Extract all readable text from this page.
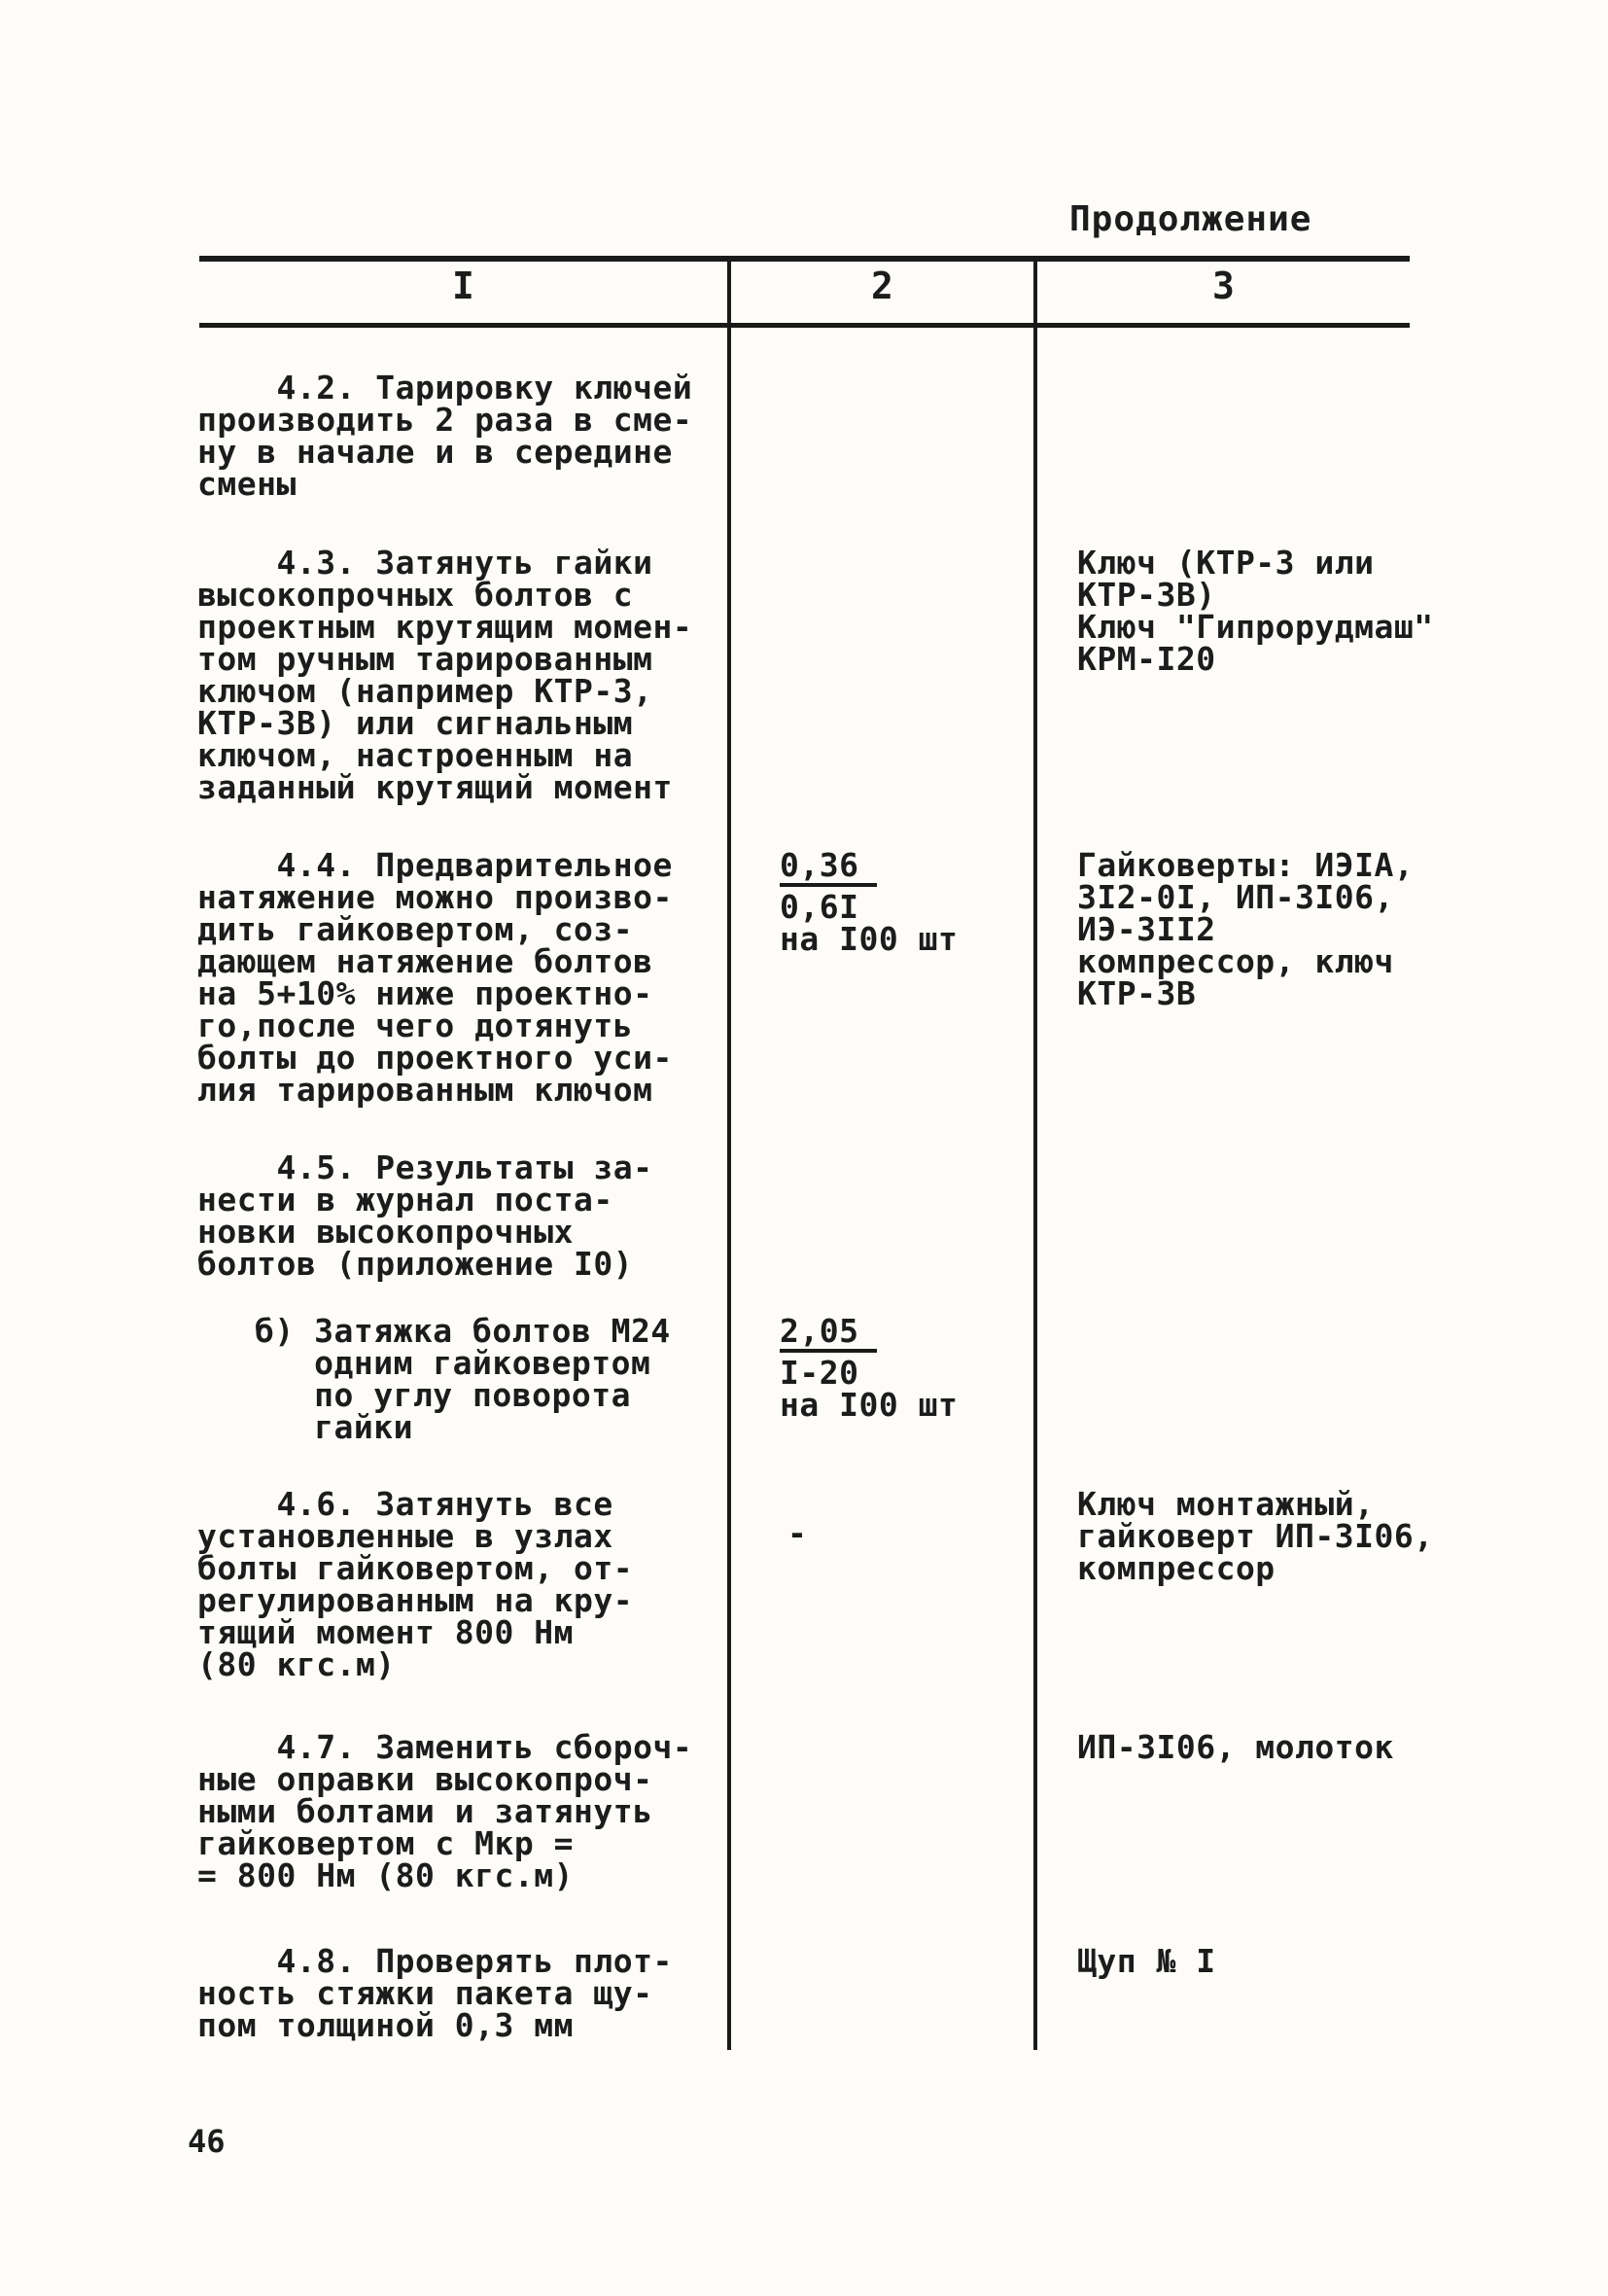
Продолжение
I	2	3
4.2. Тарировку ключей
производить 2 раза в сме-
ну в начале и в середине
смены
4.3. Затянуть гайки
высокопрочных болтов с
проектным крутящим момен-
том ручным тарированным
ключом (например КТР-3,
КТР-3В) или сигнальным
ключом, настроенным на
заданный крутящий момент
Ключ (КТР-3 или
КТР-3В)
Ключ "Гипрорудмаш"
КРМ-I20
4.4. Предварительное
натяжение можно произво-
дить гайковертом, соз-
дающем натяжение болтов
на 5+10% ниже проектно-
го,после чего дотянуть
болты до проектного уси-
лия тарированным ключом
0,36
0,6I
на I00 шт
Гайковерты: ИЭIА,
3I2-0I, ИП-3I06,
ИЭ-3II2
компрессор, ключ
КТР-3В
4.5. Результаты за-
нести в журнал поста-
новки высокопрочных
болтов (приложение I0)
б) Затяжка болтов М24
одним гайковертом
по углу поворота
гайки
2,05
I-20
на I00 шт
4.6. Затянуть все
установленные в узлах
болты гайковертом, от-
регулированным на кру-
тящий момент 800 Нм
(80 кгс.м)
-
Ключ монтажный,
гайковерт ИП-3I06,
компрессор
4.7. Заменить сбороч-
ные оправки высокопроч-
ными болтами и затянуть
гайковертом с Мкр =
= 800 Нм (80 кгс.м)
ИП-3I06, молоток
4.8. Проверять плот-
ность стяжки пакета щу-
пом толщиной 0,3 мм
Щуп № I
46
